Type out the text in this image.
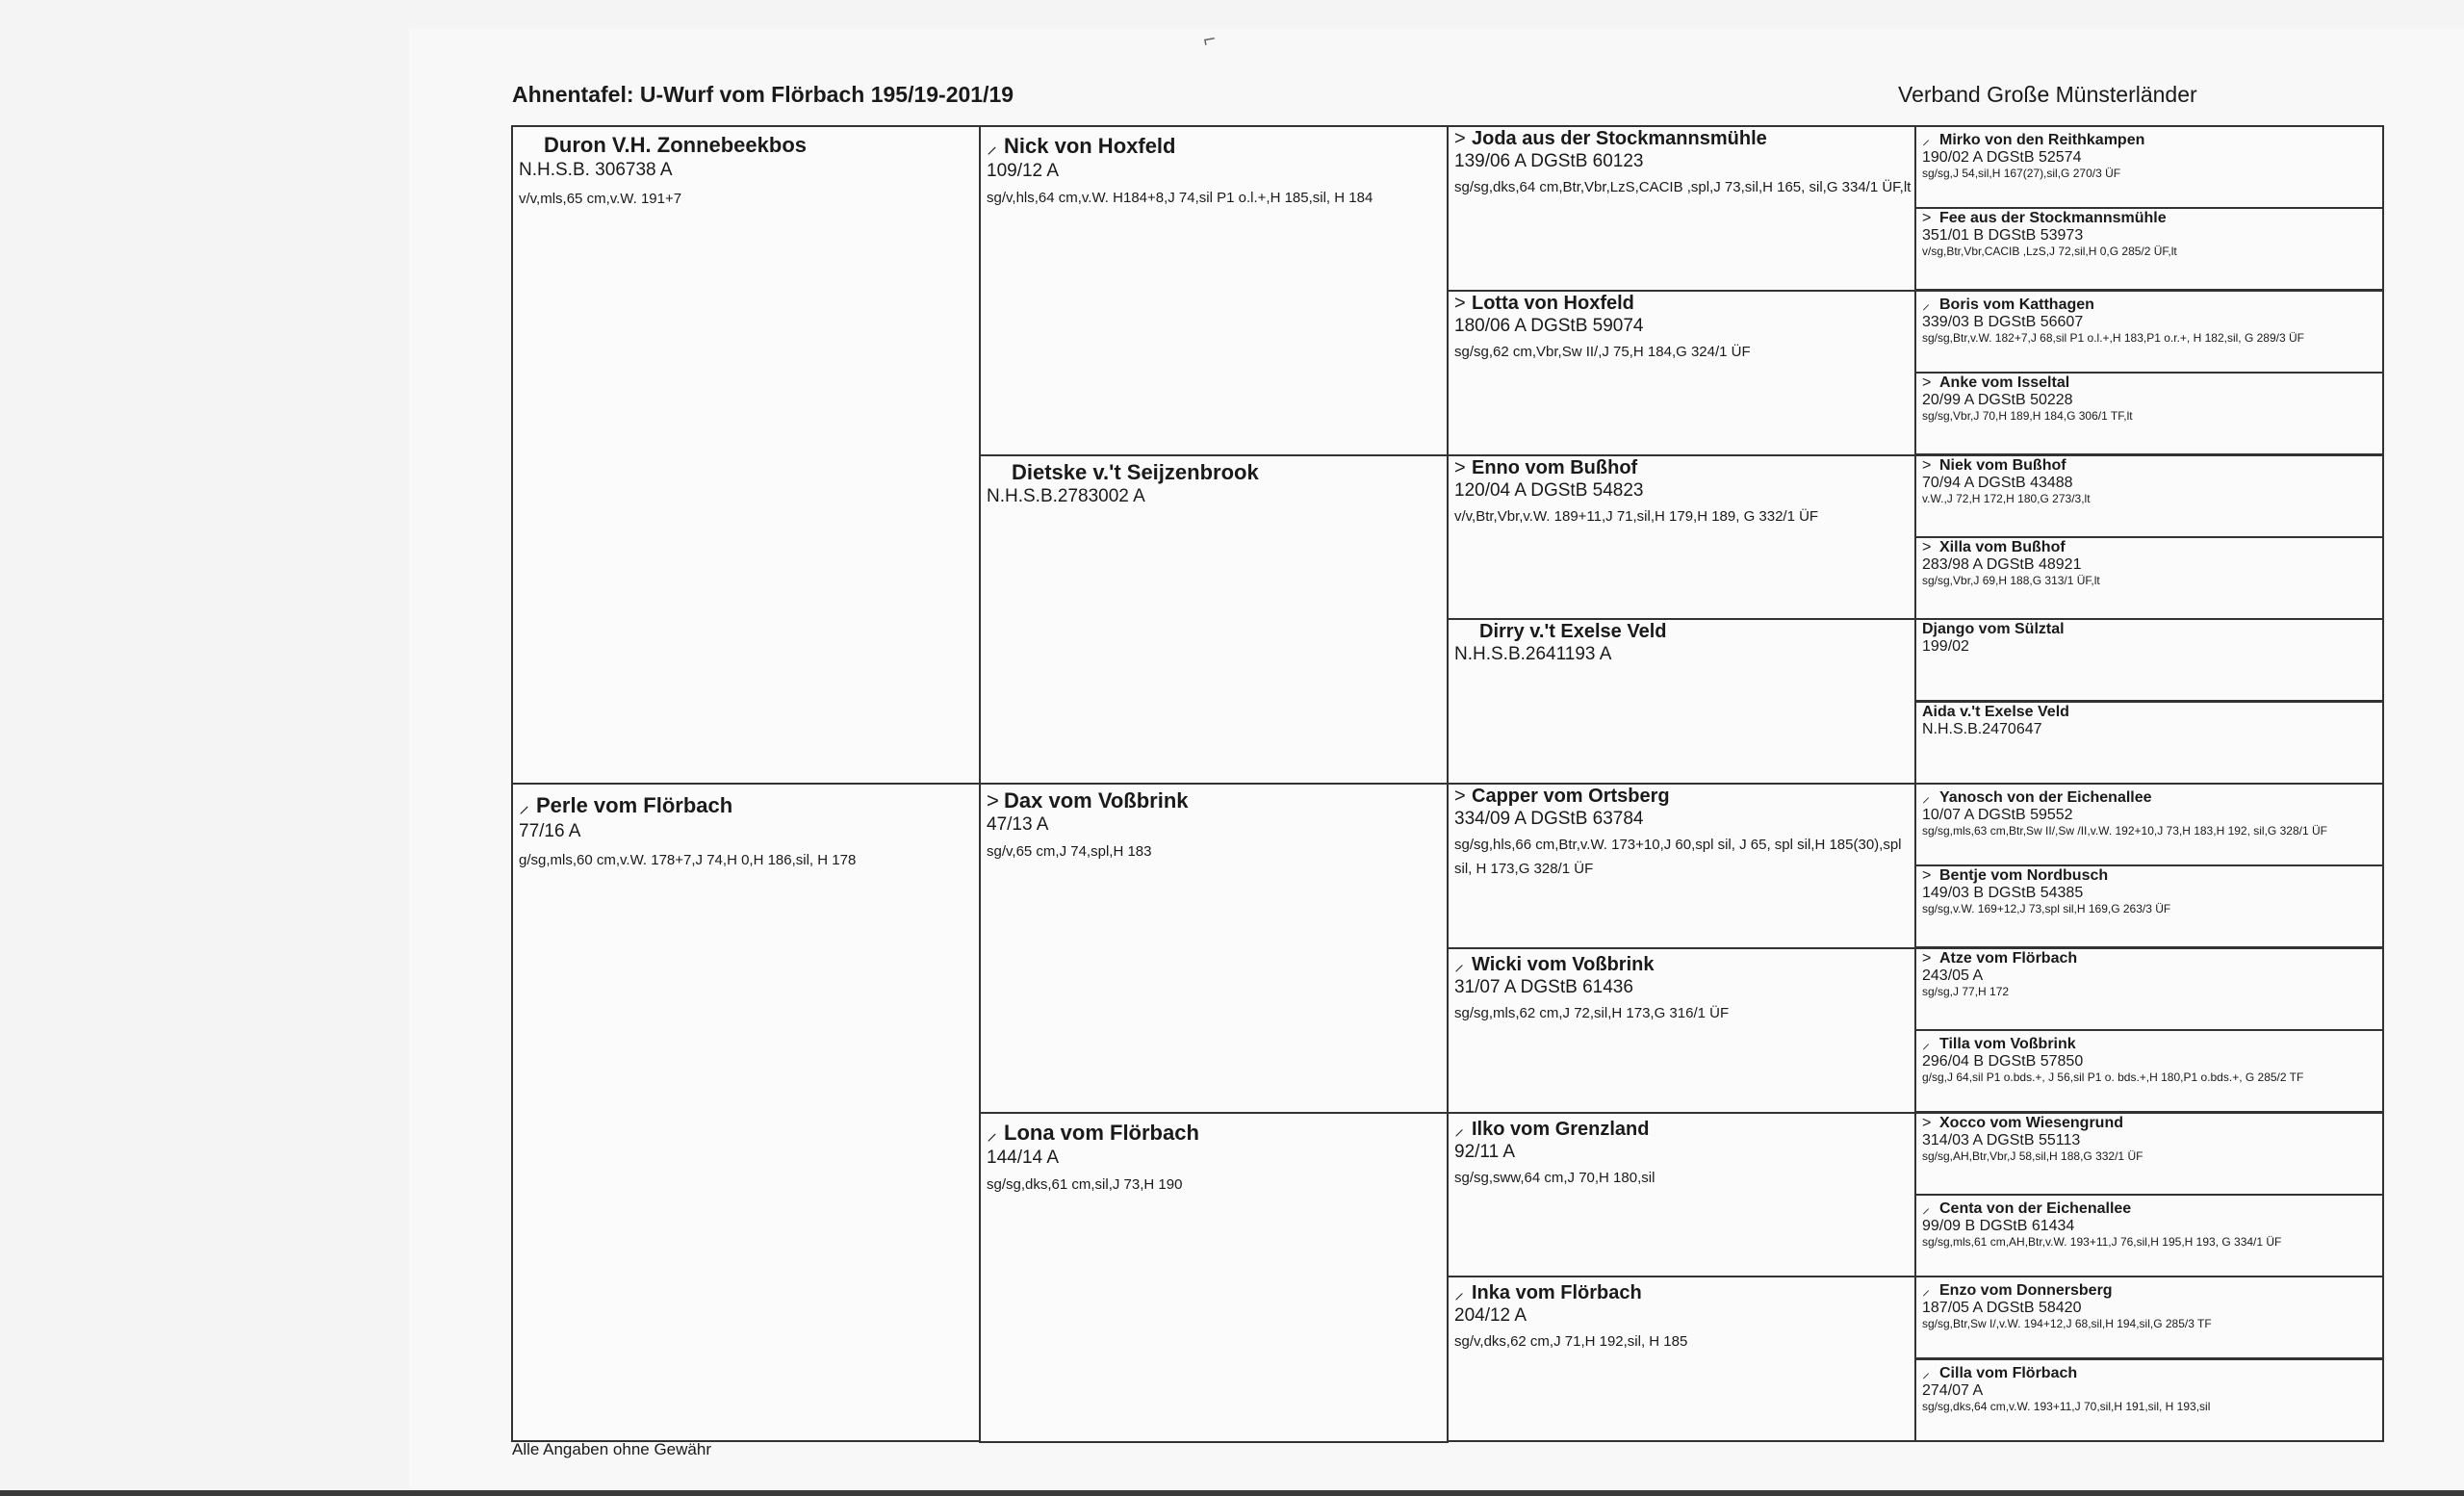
⌐
Ahnentafel: U-Wurf vom Flörbach 195/19-201/19	Verband Große Münsterländer
Duron V.H. Zonnebeekbos
N.H.S.B. 306738 A
v/v,mls,65 cm,v.W. 191+7
⸝ Perle vom Flörbach
77/16 A
g/sg,mls,60 cm,v.W. 178+7,J 74,H 0,H 186,sil, H 178
⸝ Nick von Hoxfeld
109/12 A
sg/v,hls,64 cm,v.W. H184+8,J 74,sil P1 o.l.+,H 185,sil, H 184
Dietske v.'t Seijzenbrook
N.H.S.B.2783002 A
> Dax vom Voßbrink
47/13 A
sg/v,65 cm,J 74,spl,H 183
⸝ Lona vom Flörbach
144/14 A
sg/sg,dks,61 cm,sil,J 73,H 190
> Joda aus der Stockmannsmühle
139/06 A DGStB 60123
sg/sg,dks,64 cm,Btr,Vbr,LzS,CACIB ,spl,J 73,sil,H 165, sil,G 334/1 ÜF,lt
> Lotta von Hoxfeld
180/06 A DGStB 59074
sg/sg,62 cm,Vbr,Sw II/,J 75,H 184,G 324/1 ÜF
> Enno vom Bußhof
120/04 A DGStB 54823
v/v,Btr,Vbr,v.W. 189+11,J 71,sil,H 179,H 189, G 332/1 ÜF
Dirry v.'t Exelse Veld
N.H.S.B.2641193 A
> Capper vom Ortsberg
334/09 A DGStB 63784
sg/sg,hls,66 cm,Btr,v.W. 173+10,J 60,spl sil, J 65, spl sil,H 185(30),spl sil, H 173,G 328/1 ÜF
⸝ Wicki vom Voßbrink
31/07 A DGStB 61436
sg/sg,mls,62 cm,J 72,sil,H 173,G 316/1 ÜF
⸝ Ilko vom Grenzland
92/11 A
sg/sg,sww,64 cm,J 70,H 180,sil
⸝ Inka vom Flörbach
204/12 A
sg/v,dks,62 cm,J 71,H 192,sil, H 185
⸝ Mirko von den Reithkampen
190/02 A DGStB 52574
sg/sg,J 54,sil,H 167(27),sil,G 270/3 ÜF
> Fee aus der Stockmannsmühle
351/01 B DGStB 53973
v/sg,Btr,Vbr,CACIB ,LzS,J 72,sil,H 0,G 285/2 ÜF,lt
⸝ Boris vom Katthagen
339/03 B DGStB 56607
sg/sg,Btr,v.W. 182+7,J 68,sil P1 o.l.+,H 183,P1 o.r.+, H 182,sil, G 289/3 ÜF
> Anke vom Isseltal
20/99 A DGStB 50228
sg/sg,Vbr,J 70,H 189,H 184,G 306/1 TF,lt
> Niek vom Bußhof
70/94 A DGStB 43488
v.W.,J 72,H 172,H 180,G 273/3,lt
> Xilla vom Bußhof
283/98 A DGStB 48921
sg/sg,Vbr,J 69,H 188,G 313/1 ÜF,lt
Django vom Sülztal
199/02
Aida v.'t Exelse Veld
N.H.S.B.2470647
⸝ Yanosch von der Eichenallee
10/07 A DGStB 59552
sg/sg,mls,63 cm,Btr,Sw II/,Sw /II,v.W. 192+10,J 73,H 183,H 192, sil,G 328/1 ÜF
> Bentje vom Nordbusch
149/03 B DGStB 54385
sg/sg,v.W. 169+12,J 73,spl sil,H 169,G 263/3 ÜF
> Atze vom Flörbach
243/05 A
sg/sg,J 77,H 172
⸝ Tilla vom Voßbrink
296/04 B DGStB 57850
g/sg,J 64,sil P1 o.bds.+, J 56,sil P1 o. bds.+,H 180,P1 o.bds.+, G 285/2 TF
> Xocco vom Wiesengrund
314/03 A DGStB 55113
sg/sg,AH,Btr,Vbr,J 58,sil,H 188,G 332/1 ÜF
⸝ Centa von der Eichenallee
99/09 B DGStB 61434
sg/sg,mls,61 cm,AH,Btr,v.W. 193+11,J 76,sil,H 195,H 193, G 334/1 ÜF
⸝ Enzo vom Donnersberg
187/05 A DGStB 58420
sg/sg,Btr,Sw I/,v.W. 194+12,J 68,sil,H 194,sil,G 285/3 TF
⸝ Cilla vom Flörbach
274/07 A
sg/sg,dks,64 cm,v.W. 193+11,J 70,sil,H 191,sil, H 193,sil
Alle Angaben ohne Gewähr
